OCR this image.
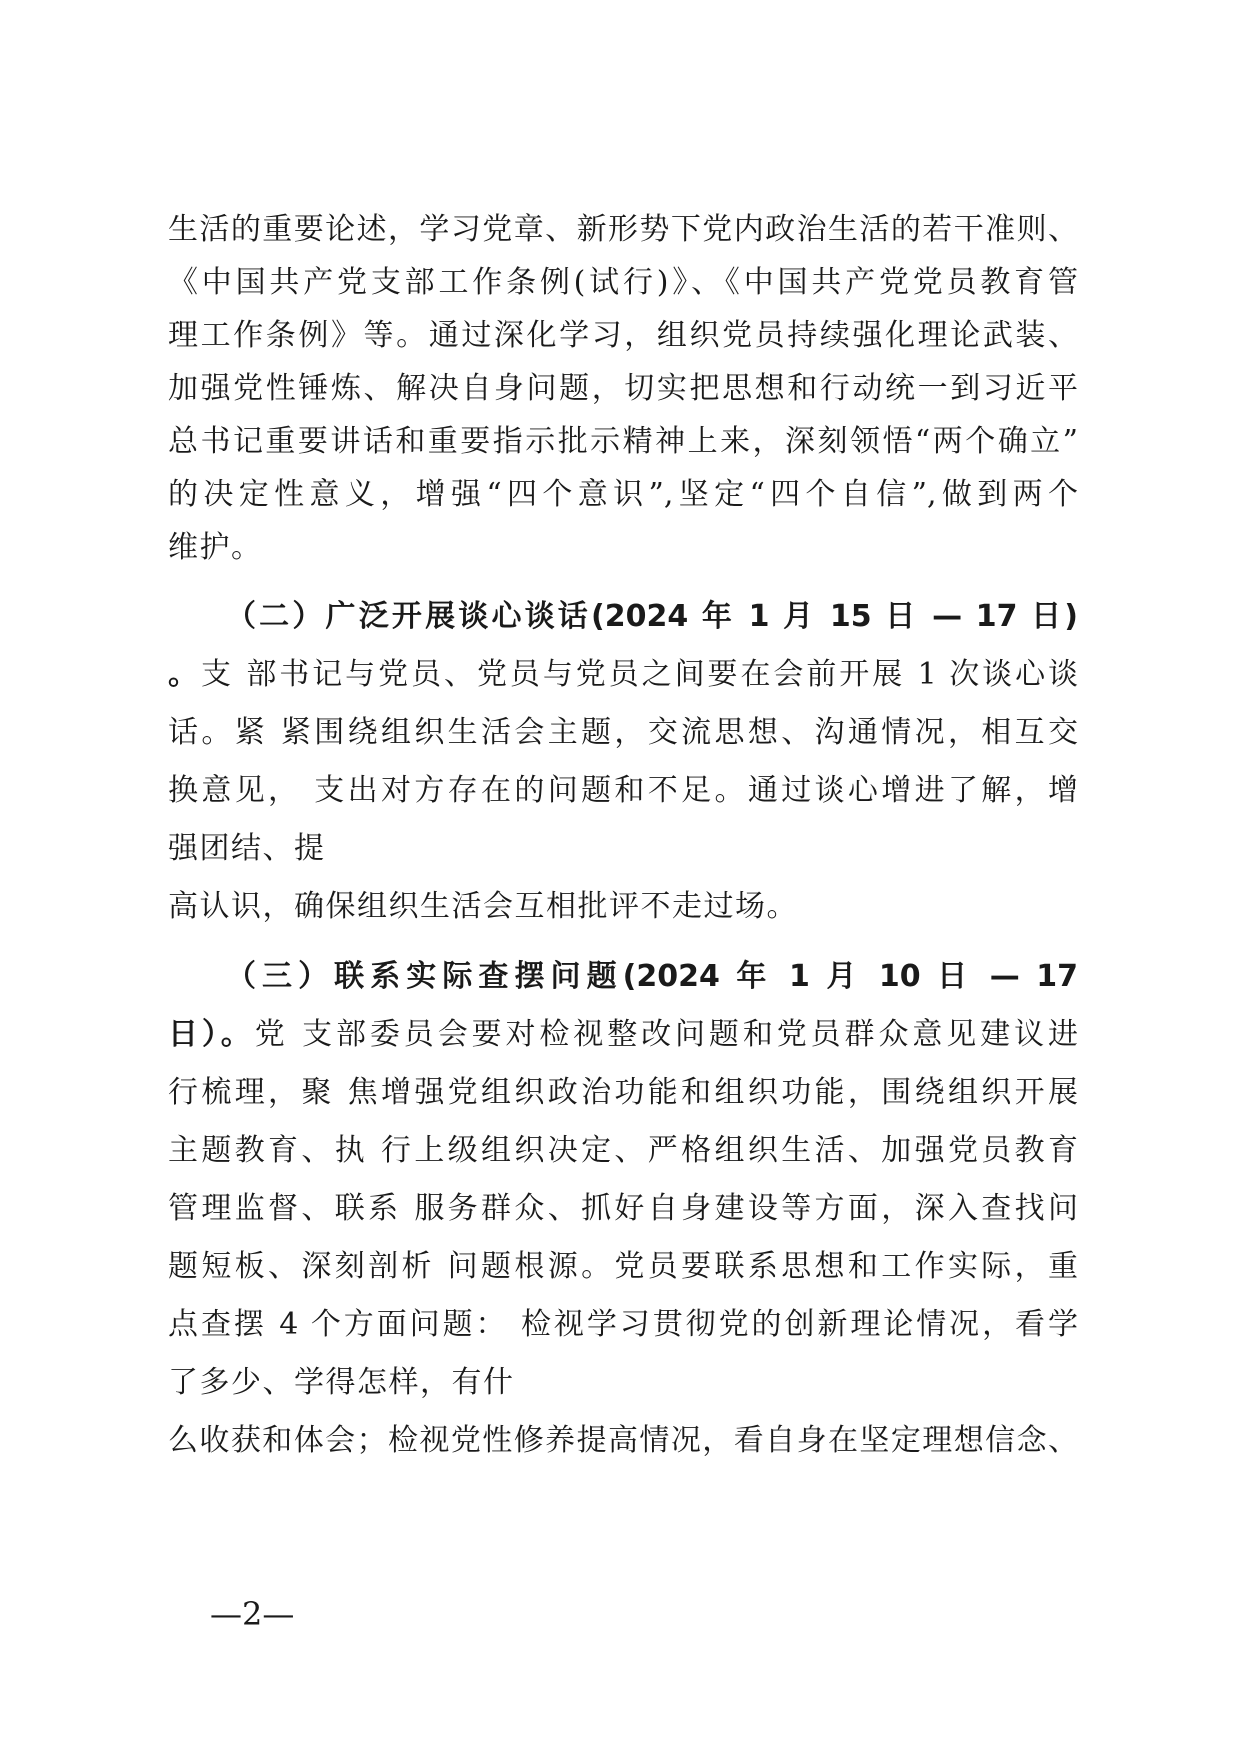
生活的重要论述，学习党章、新形势下党内政治生活的若干准则、
《中国共产党支部工作条例(试行)》、《中国共产党党员教育管
理工作条例》等。通过深化学习，组织党员持续强化理论武装、
加强党性锤炼、解决自身问题，切实把思想和行动统一到习近平
总书记重要讲话和重要指示批示精神上来，深刻领悟“两个确立”
的决定性意义，增强“四个意识”,坚定“四个自信”,做到两个
维护。
（二）广泛开展谈心谈话(2024 年 1 月 15 日 — 17 日)
。支 部书记与党员、党员与党员之间要在会前开展 1 次谈心谈
话。紧 紧围绕组织生活会主题，交流思想、沟通情况，相互交
换意见， 支出对方存在的问题和不足。通过谈心增进了解，增
强团结、提
高认识，确保组织生活会互相批评不走过场。
（三）联系实际查摆问题(2024 年 1 月 10 日 — 17
日）。党 支部委员会要对检视整改问题和党员群众意见建议进
行梳理，聚 焦增强党组织政治功能和组织功能，围绕组织开展
主题教育、执 行上级组织决定、严格组织生活、加强党员教育
管理监督、联系 服务群众、抓好自身建设等方面，深入查找问
题短板、深刻剖析 问题根源。党员要联系思想和工作实际，重
点查摆 4 个方面问题： 检视学习贯彻党的创新理论情况，看学
了多少、学得怎样，有什
么收获和体会；检视党性修养提高情况，看自身在坚定理想信念、
—2—
